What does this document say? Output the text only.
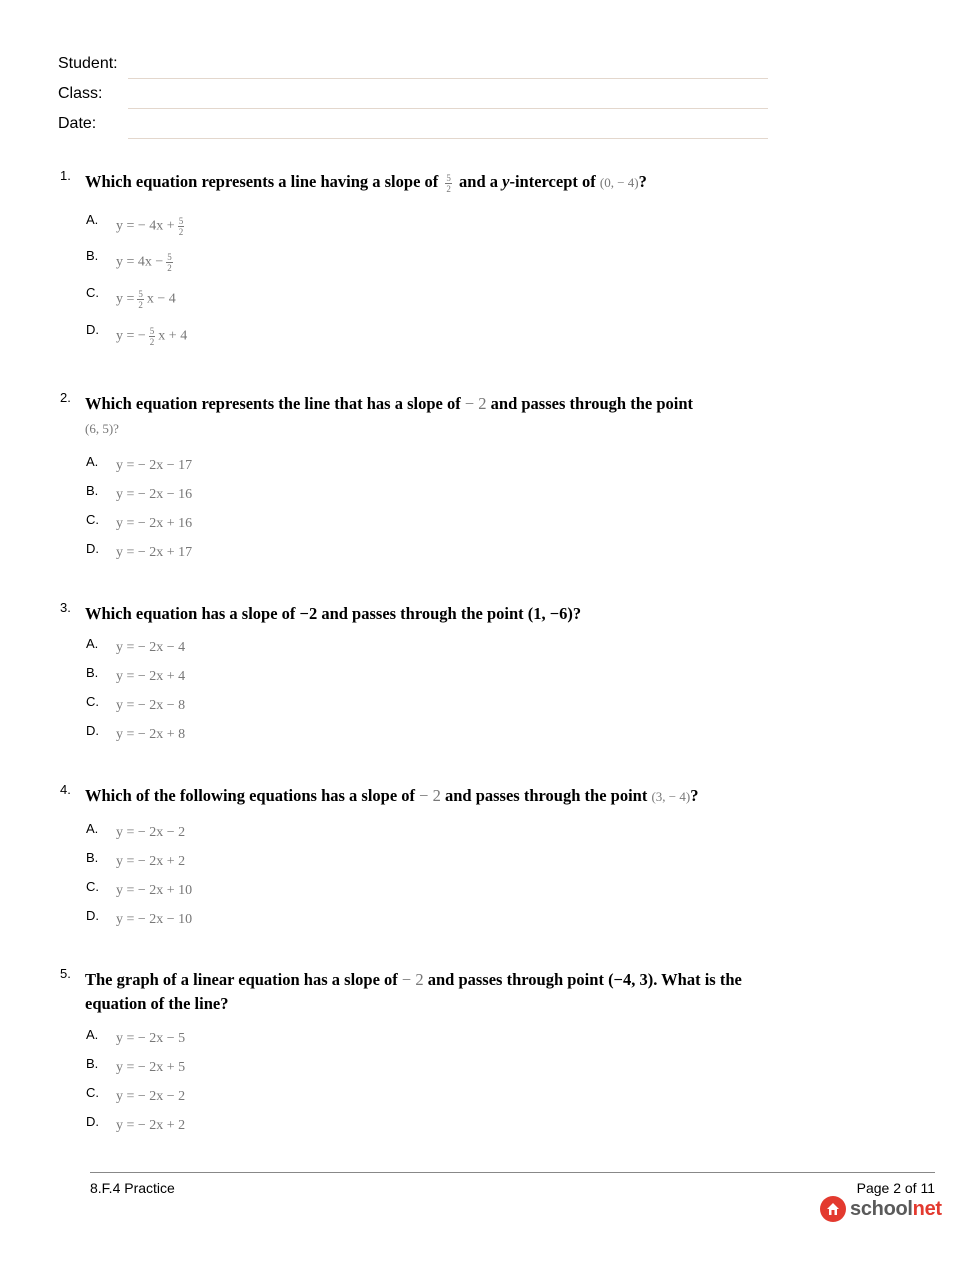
Student:
Class:
Date:
1. Which equation represents a line having a slope of $\frac{5}{2}$ and a y-intercept of (0, − 4)?
A. y = − $4x + \frac{5}{2}$
B. $y = 4x - \frac{5}{2}$
C. $y = \frac{5}{2}$ x − 4
D. y = − $\frac{5}{2}$ x + 4
2. Which equation represents the line that has a slope of − 2 and passes through the point
(6, 5)?
A. y = − 2x − 17
B. y = − 2x − 16
C. y = − 2x + 16
D. y = − 2x + 17
3. Which equation has a slope of −2 and passes through the point (1, −6)?
A. y = − 2x − 4
B. y = − 2x + 4
C. y = − 2x − 8
D. y = − 2x + 8
4. Which of the following equations has a slope of − 2 and passes through the point (3, − 4)?
A. y = − 2x − 2
B. y = − 2x + 2
C. y = − 2x + 10
D. y = − 2x − 10
5. The graph of a linear equation has a slope of − 2 and passes through point (−4, 3). What is the equation of the line?
A. y = − 2x − 5
B. y = − 2x + 5
C. y = − 2x − 2
D. y = − 2x + 2
8.F.4 Practice	Page 2 of 11
schoolnet
